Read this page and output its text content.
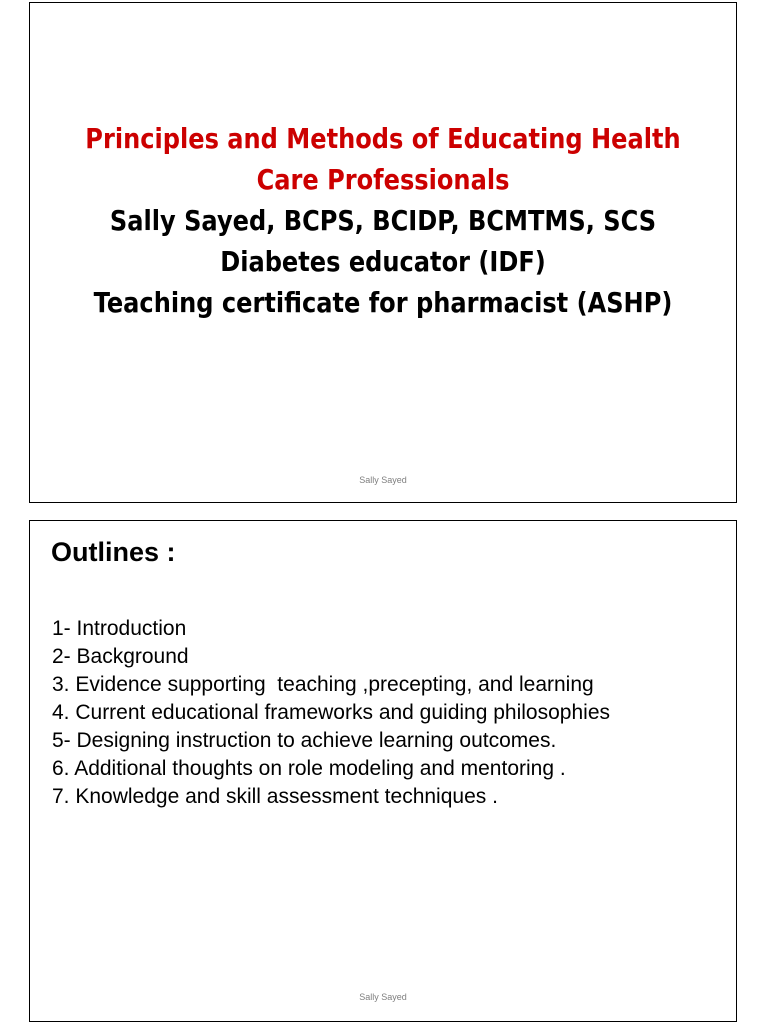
Principles and Methods of Educating Health
Care Professionals
Sally Sayed, BCPS, BCIDP, BCMTMS, SCS
Diabetes educator (IDF)
Teaching certificate for pharmacist (ASHP)
Sally Sayed
Outlines :
1- Introduction
2- Background
3. Evidence supporting  teaching ,precepting, and learning
4. Current educational frameworks and guiding philosophies
5- Designing instruction to achieve learning outcomes.
6. Additional thoughts on role modeling and mentoring .
7. Knowledge and skill assessment techniques .
Sally Sayed
